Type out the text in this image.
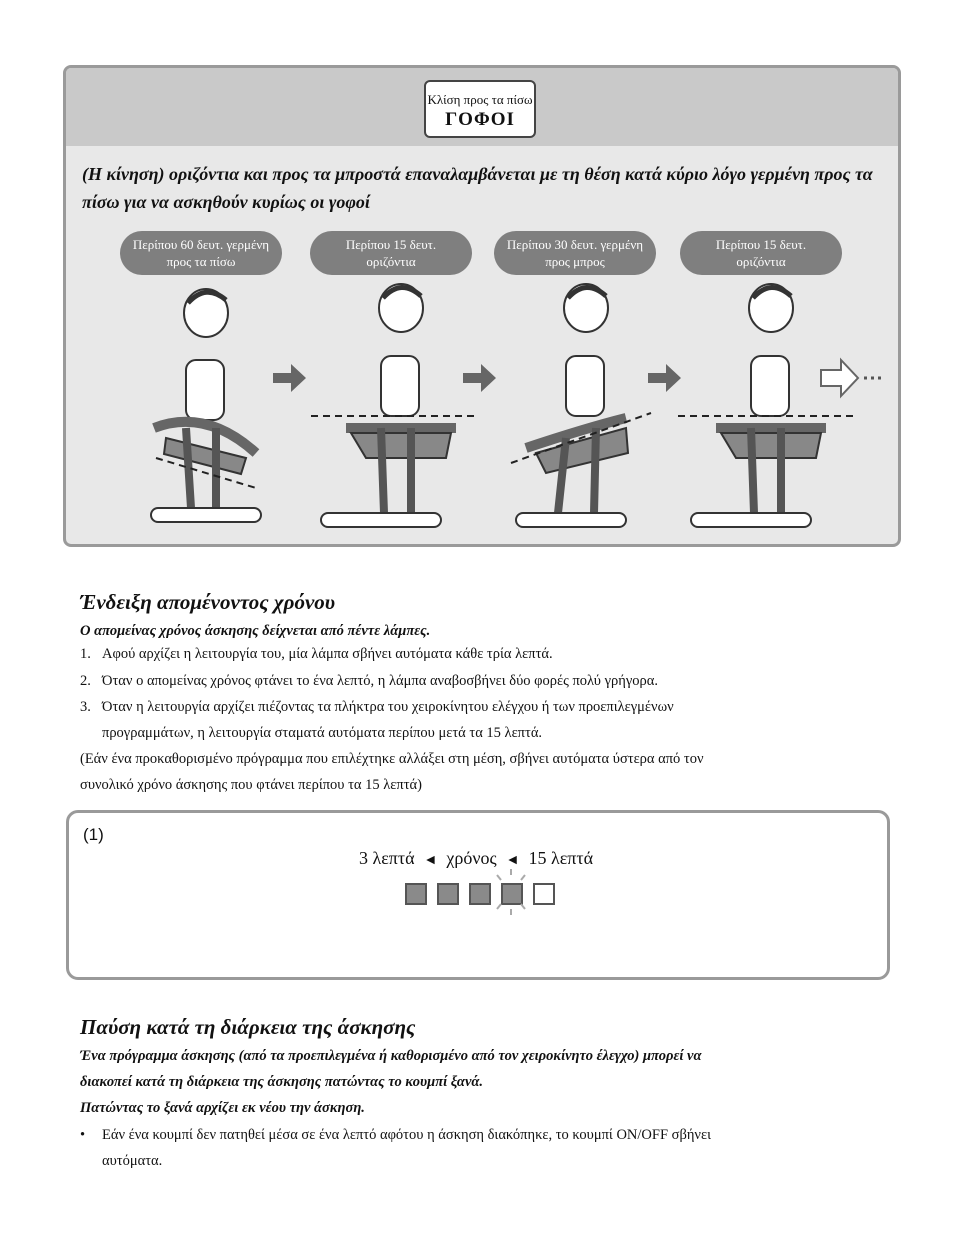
Κλίση προς τα πίσω
ΓΟΦΟΙ
(Η κίνηση) οριζόντια και προς τα μπροστά επαναλαμβάνεται με τη θέση κατά κύριο λόγο γερμένη προς τα πίσω για να ασκηθούν κυρίως οι γοφοί
Περίπου 60 δευτ. γερμένη
προς τα πίσω
Περίπου 15 δευτ.
οριζόντια
Περίπου 30 δευτ. γερμένη
προς μπρος
Περίπου 15 δευτ.
οριζόντια
Ένδειξη απομένοντος χρόνου
Ο απομείνας χρόνος άσκησης δείχνεται από πέντε λάμπες.
1. Αφού αρχίζει η λειτουργία του, μία λάμπα σβήνει αυτόματα κάθε τρία λεπτά.
2. Όταν ο απομείνας χρόνος φτάνει το ένα λεπτό, η λάμπα αναβοσβήνει δύο φορές πολύ γρήγορα.
3. Όταν η λειτουργία αρχίζει πιέζοντας τα πλήκτρα του χειροκίνητου ελέγχου ή των προεπιλεγμένων
προγραμμάτων, η λειτουργία σταματά αυτόματα περίπου μετά τα 15 λεπτά.
(Εάν ένα προκαθορισμένο πρόγραμμα που επιλέχτηκε αλλάξει στη μέση, σβήνει αυτόματα ύστερα από τον
συνολικό χρόνο άσκησης που φτάνει περίπου τα 15 λεπτά)
(1)
3 λεπτά ◄ χρόνος ◄ 15 λεπτά
Παύση κατά τη διάρκεια της άσκησης
Ένα πρόγραμμα άσκησης (από τα προεπιλεγμένα ή καθορισμένο από τον χειροκίνητο έλεγχο) μπορεί να
διακοπεί κατά τη διάρκεια της άσκησης πατώντας το κουμπί ξανά.
Πατώντας το ξανά αρχίζει εκ νέου την άσκηση.
•	Εάν ένα κουμπί δεν πατηθεί μέσα σε ένα λεπτό αφότου η άσκηση διακόπηκε, το κουμπί ON/OFF σβήνει
αυτόματα.
